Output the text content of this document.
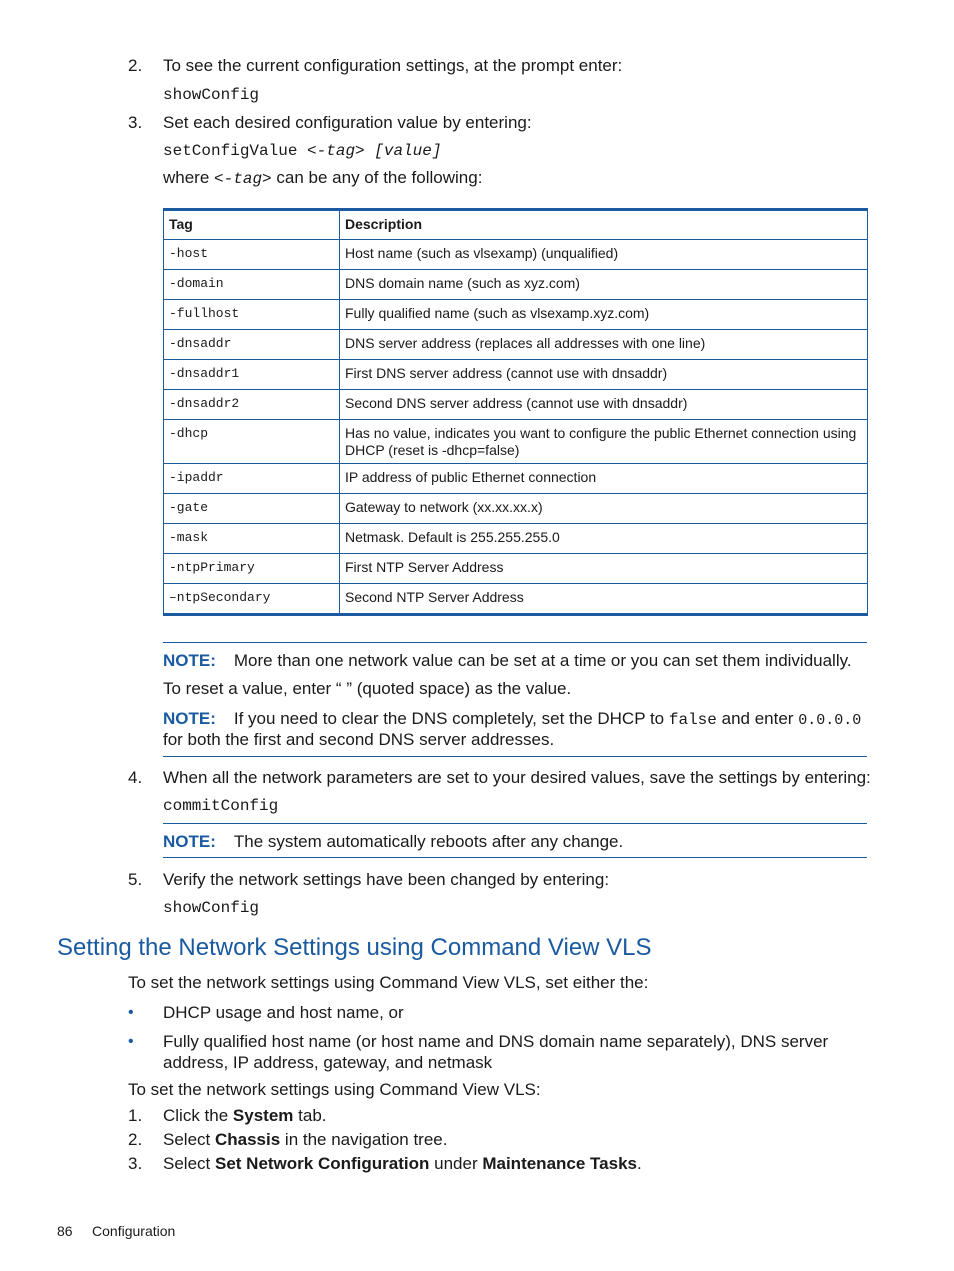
2. To see the current configuration settings, at the prompt enter:
showConfig
3. Set each desired configuration value by entering:
setConfigValue <-tag> [value]
where <-tag> can be any of the following:
Tag	Description
-host	Host name (such as vlsexamp) (unqualified)
-domain	DNS domain name (such as xyz.com)
-fullhost	Fully qualified name (such as vlsexamp.xyz.com)
-dnsaddr	DNS server address (replaces all addresses with one line)
-dnsaddr1	First DNS server address (cannot use with dnsaddr)
-dnsaddr2	Second DNS server address (cannot use with dnsaddr)
-dhcp	Has no value, indicates you want to configure the public Ethernet connection using DHCP (reset is -dhcp=false)
-ipaddr	IP address of public Ethernet connection
-gate	Gateway to network (xx.xx.xx.x)
-mask	Netmask. Default is 255.255.255.0
-ntpPrimary	First NTP Server Address
–ntpSecondary	Second NTP Server Address
NOTE: More than one network value can be set at a time or you can set them individually.
To reset a value, enter “ ” (quoted space) as the value.
NOTE: If you need to clear the DNS completely, set the DHCP to false and enter 0.0.0.0
for both the first and second DNS server addresses.
4. When all the network parameters are set to your desired values, save the settings by entering:
commitConfig
NOTE: The system automatically reboots after any change.
5. Verify the network settings have been changed by entering:
showConfig
Setting the Network Settings using Command View VLS
To set the network settings using Command View VLS, set either the:
• DHCP usage and host name, or
• Fully qualified host name (or host name and DNS domain name separately), DNS server
address, IP address, gateway, and netmask
To set the network settings using Command View VLS:
1. Click the System tab.
2. Select Chassis in the navigation tree.
3. Select Set Network Configuration under Maintenance Tasks.
86 Configuration
